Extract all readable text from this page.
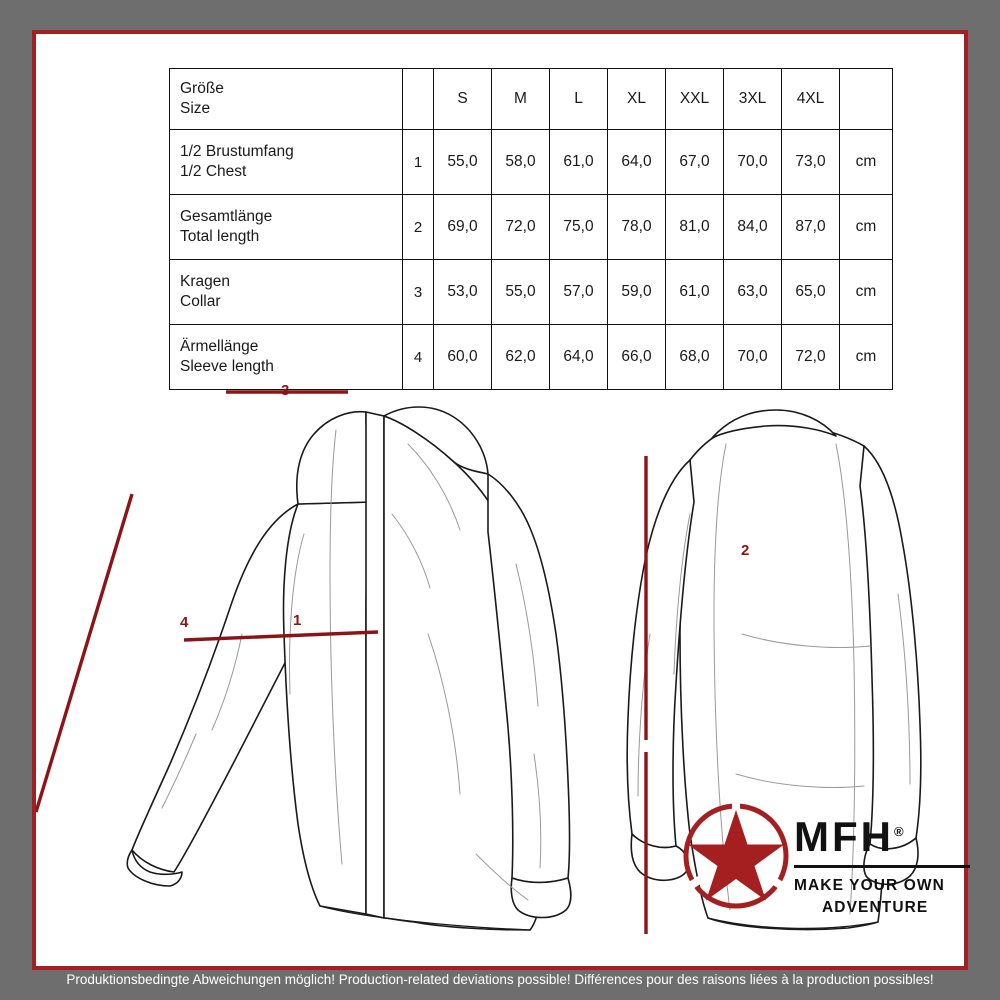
Größe
Size		S	M	L	XL	XXL	3XL	4XL	

1/2 Brustumfang
1/2 Chest	1	55,0	58,0	61,0	64,0	67,0	70,0	73,0	cm

Gesamtlänge
Total length	2	69,0	72,0	75,0	78,0	81,0	84,0	87,0	cm

Kragen
Collar	3	53,0	55,0	57,0	59,0	61,0	63,0	65,0	cm

Ärmellänge
Sleeve length	4	60,0	62,0	64,0	66,0	68,0	70,0	72,0	cm
3
1
4
2
MFH®
MAKE YOUR OWN
ADVENTURE
Produktionsbedingte Abweichungen möglich! Production-related deviations possible! Différences pour des raisons liées à la production possibles!
